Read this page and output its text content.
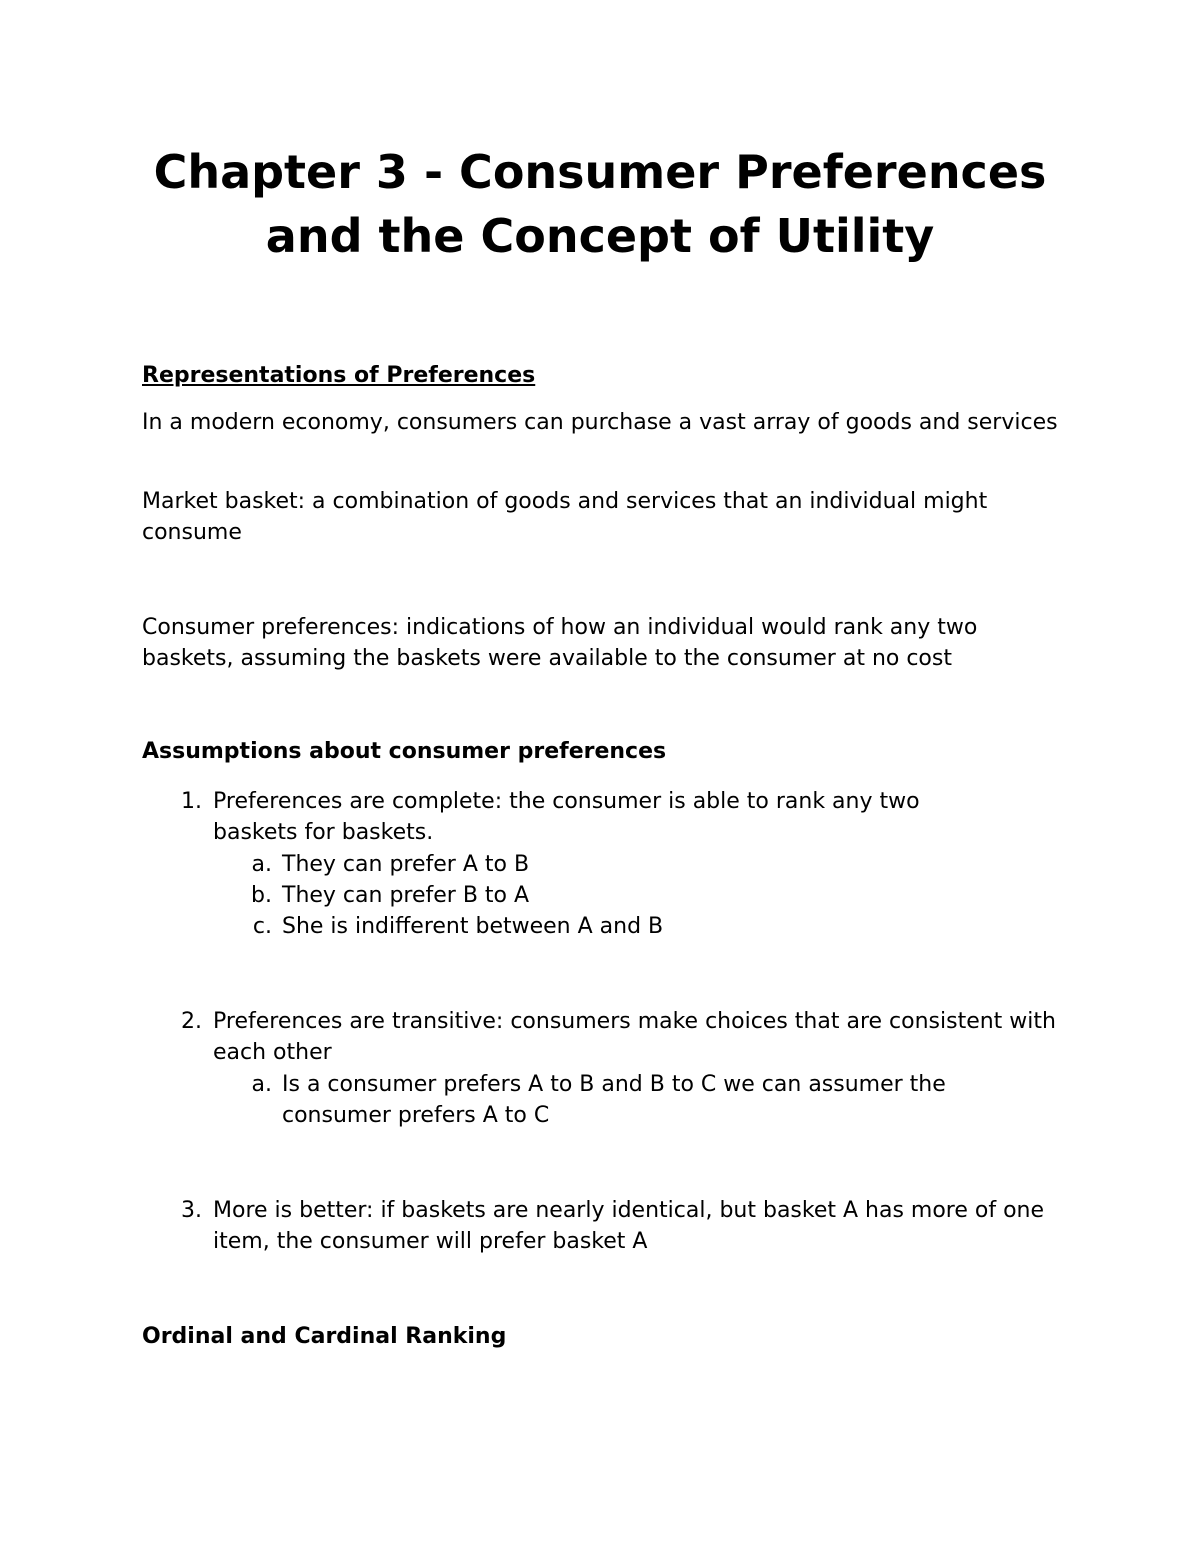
Chapter 3 - Consumer Preferences
and the Concept of Utility
Representations of Preferences

In a modern economy, consumers can purchase a vast array of goods and services

Market basket: a combination of goods and services that an individual might consume

Consumer preferences: indications of how an individual would rank any two baskets, assuming the baskets were available to the consumer at no cost

Assumptions about consumer preferences
1. Preferences are complete: the consumer is able to rank any two baskets for baskets.

a. They can prefer A to B

b. They can prefer B to A

c. She is indifferent between A and B

2. Preferences are transitive: consumers make choices that are consistent with each other

a. Is a consumer prefers A to B and B to C we can assumer the consumer prefers A to C

3. More is better: if baskets are nearly identical, but basket A has more of one item, the consumer will prefer basket A

Ordinal and Cardinal Ranking
